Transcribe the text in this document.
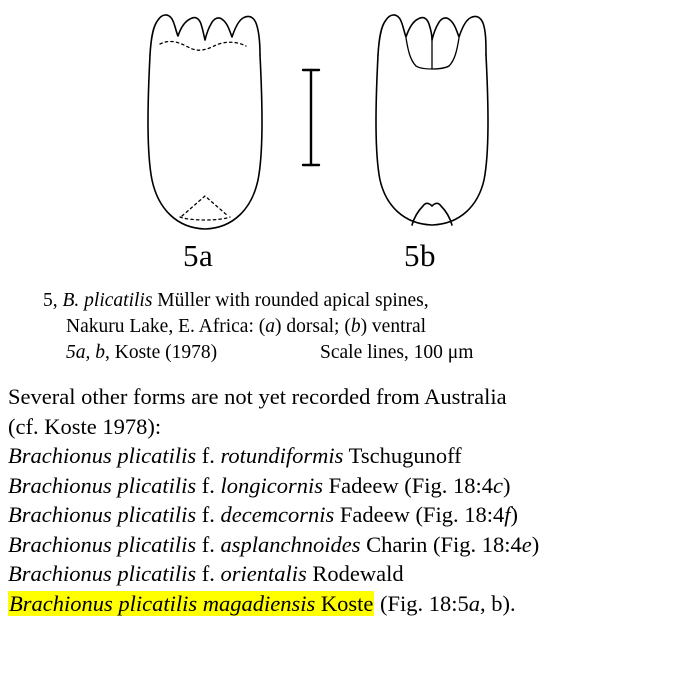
5a	5b
5, B. plicatilis Müller with rounded apical spines,
Nakuru Lake, E. Africa: (a) dorsal; (b) ventral
5a, b, Koste (1978)	Scale lines, 100 μm
Several other forms are not yet recorded from Australia
(cf. Koste 1978):
Brachionus plicatilis f. rotundiformis Tschugunoff
Brachionus plicatilis f. longicornis Fadeew (Fig. 18:4c)
Brachionus plicatilis f. decemcornis Fadeew (Fig. 18:4f)
Brachionus plicatilis f. asplanchnoides Charin (Fig. 18:4e)
Brachionus plicatilis f. orientalis Rodewald
Brachionus plicatilis magadiensis Koste (Fig. 18:5a, b).
